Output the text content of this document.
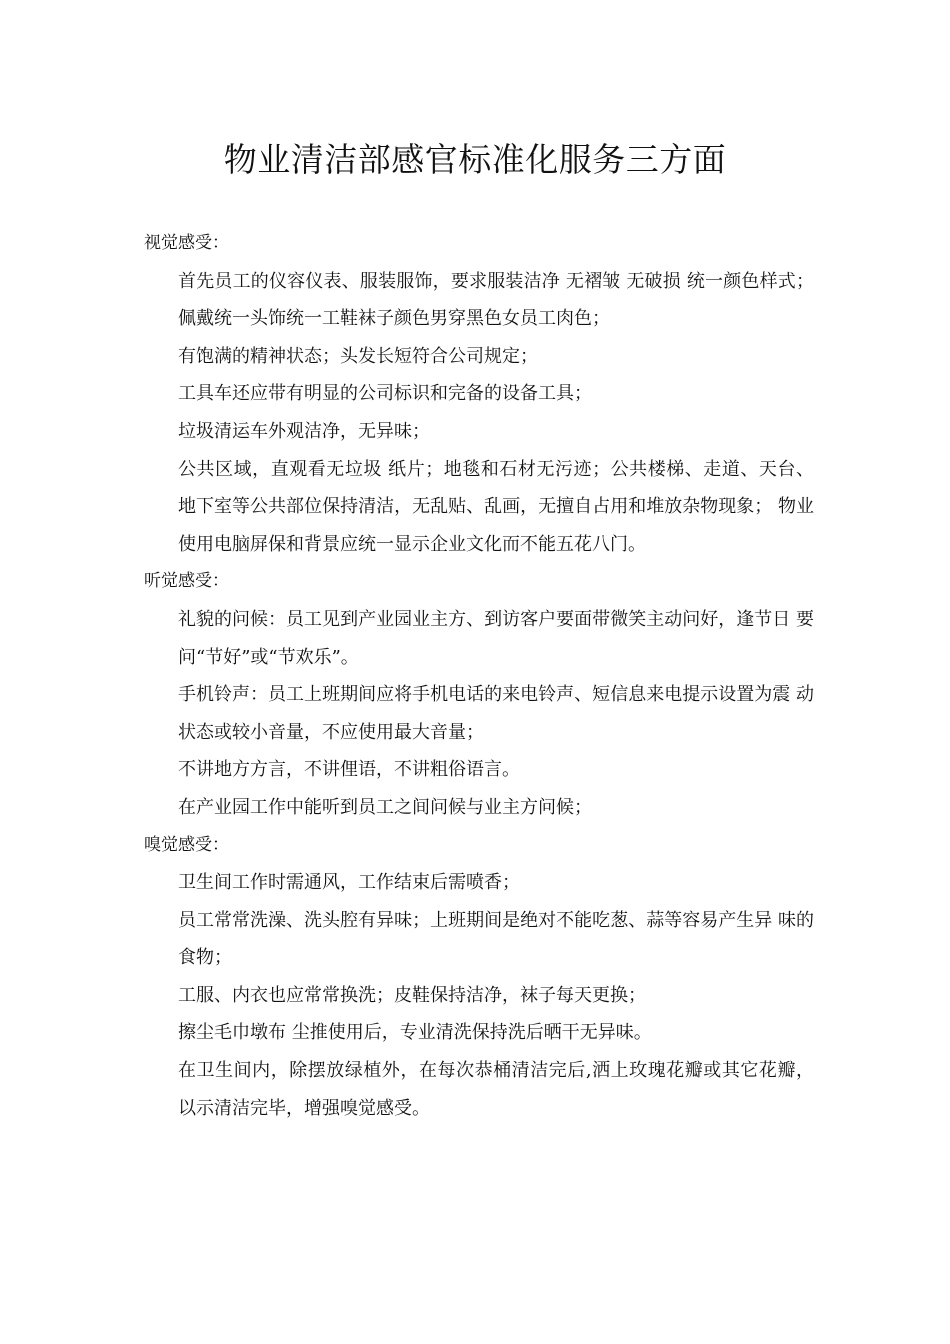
物业清洁部感官标准化服务三方面

视觉感受：

首先员工的仪容仪表、服装服饰，要求服装洁净 无褶皱 无破损 统一颜色样式；佩戴统一头饰统一工鞋袜子颜色男穿黑色女员工肉色；

有饱满的精神状态；头发长短符合公司规定；

工具车还应带有明显的公司标识和完备的设备工具；

垃圾清运车外观洁净，无异味；

公共区域，直观看无垃圾 纸片；地毯和石材无污迹；公共楼梯、走道、天台、 地下室等公共部位保持清洁，无乱贴、乱画，无擅自占用和堆放杂物现象； 物业使用电脑屏保和背景应统一显示企业文化而不能五花八门。

听觉感受：

礼貌的问候：员工见到产业园业主方、到访客户要面带微笑主动问好，逢节日 要问“节好”或“节欢乐”。

手机铃声：员工上班期间应将手机电话的来电铃声、短信息来电提示设置为震 动状态或较小音量，不应使用最大音量；

不讲地方方言，不讲俚语，不讲粗俗语言。

在产业园工作中能听到员工之间问候与业主方问候；

嗅觉感受：

卫生间工作时需通风，工作结束后需喷香；

员工常常洗澡、洗头腔有异味；上班期间是绝对不能吃葱、蒜等容易产生异 味的食物；

工服、内衣也应常常换洗；皮鞋保持洁净，袜子每天更换；

擦尘毛巾墩布 尘推使用后，专业清洗保持洗后晒干无异味。

在卫生间内，除摆放绿植外，在每次恭桶清洁完后,洒上玫瑰花瓣或其它花瓣， 以示清洁完毕，增强嗅觉感受。
